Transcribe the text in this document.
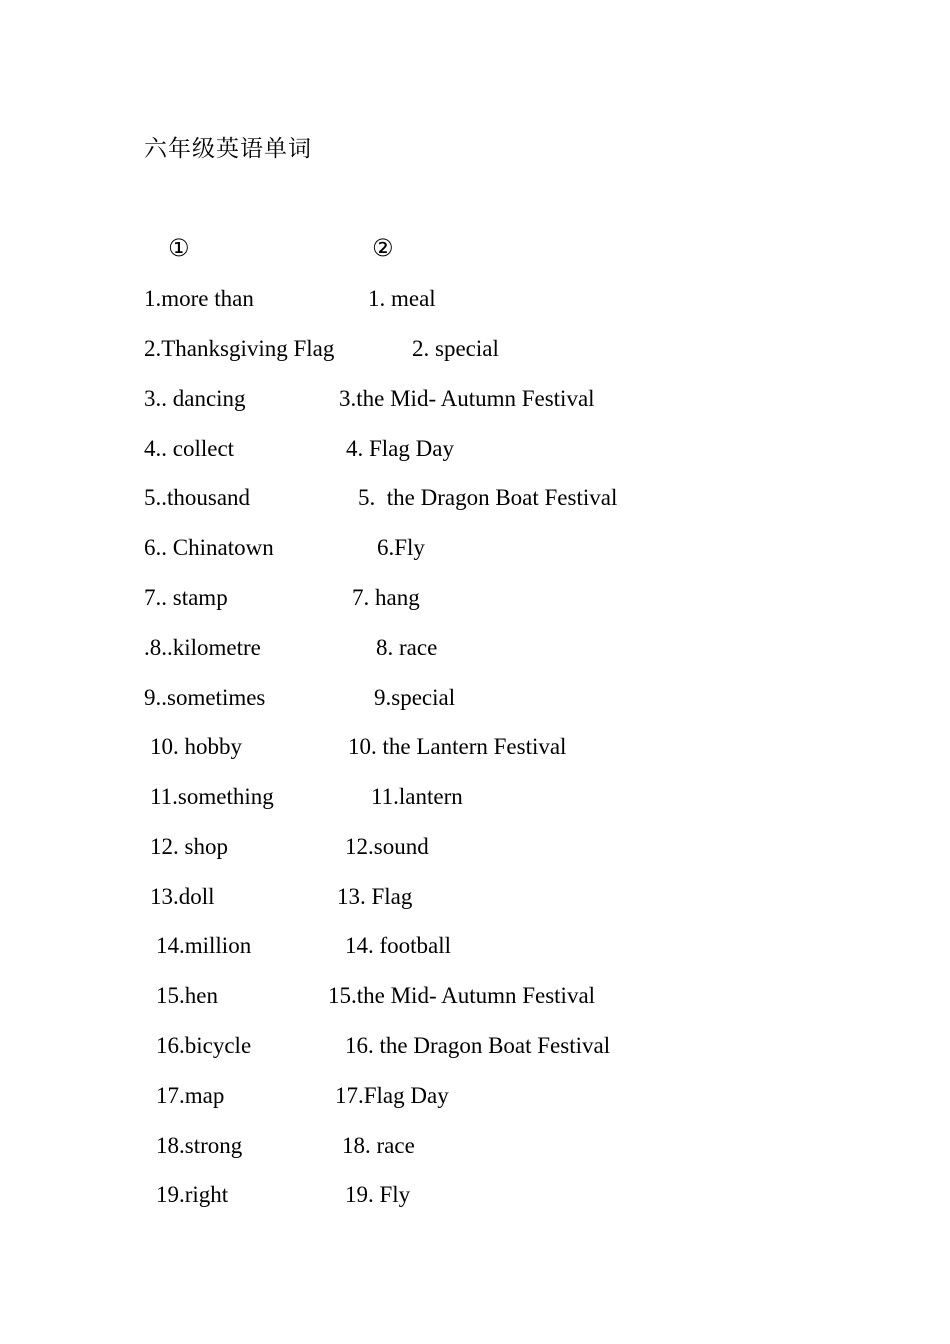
六年级英语单词
①	②
1.more than
2.Thanksgiving Flag
3.. dancing
4.. collect
5..thousand
6.. Chinatown
7.. stamp
.8..kilometre
9..sometimes
10. hobby
11.something
12. shop
13.doll
14.million
15.hen
16.bicycle
17.map
18.strong
19.right
1. meal
2. special
3.the Mid- Autumn Festival
4. Flag Day
5.  the Dragon Boat Festival
6.Fly
7. hang
8. race
9.special
10. the Lantern Festival
11.lantern
12.sound
13. Flag
14. football
15.the Mid- Autumn Festival
16. the Dragon Boat Festival
17.Flag Day
18. race
19. Fly
